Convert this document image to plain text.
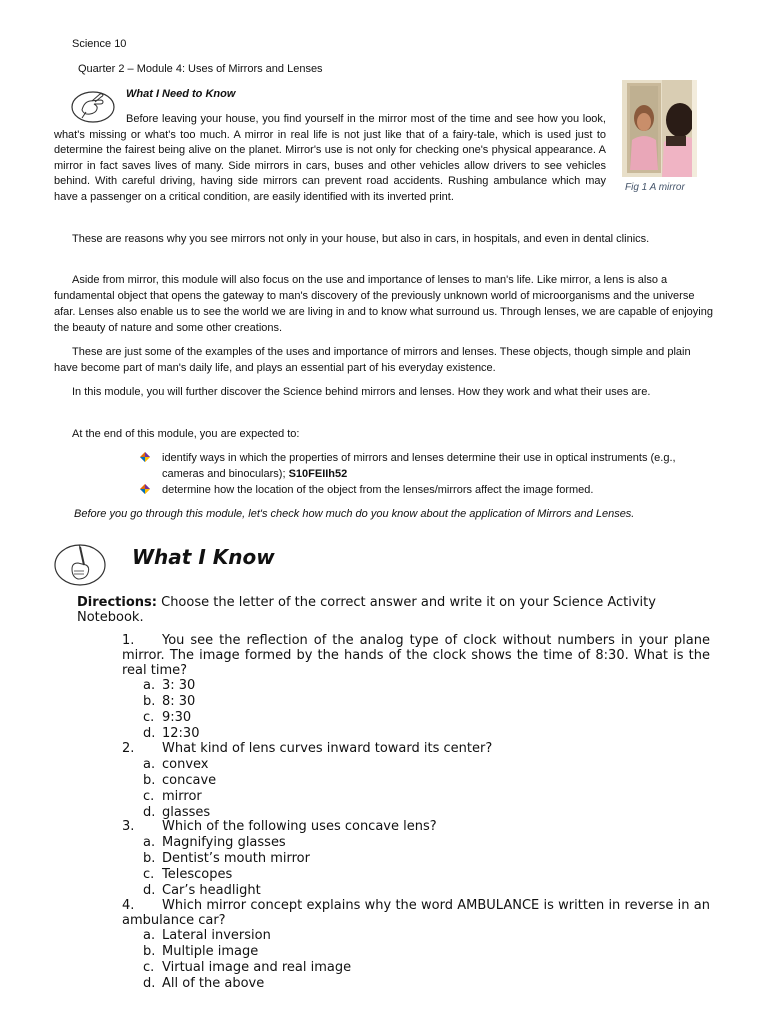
Science 10
Quarter 2 – Module 4: Uses of Mirrors and Lenses
What I Need to Know

Before leaving your house, you find yourself in the mirror most of the time and see how you look, what's missing or what's too much. A mirror in real life is not just like that of a fairy-tale, which is used just to determine the fairest being alive on the planet. Mirror's use is not only for checking one's physical appearance. A mirror in fact saves lives of many. Side mirrors in cars, buses and other vehicles allow drivers to see vehicles behind. With careful driving, having side mirrors can prevent road accidents. Rushing ambulance which may have a passenger on a critical condition, are easily identified with its inverted print.

Fig 1 A mirror

These are reasons why you see mirrors not only in your house, but also in cars, in hospitals, and even in dental clinics.

Aside from mirror, this module will also focus on the use and importance of lenses to man's life. Like mirror, a lens is also a fundamental object that opens the gateway to man's discovery of the previously unknown world of microorganisms and the universe afar. Lenses also enable us to see the world we are living in and to know what surround us. Through lenses, we are capable of enjoying the beauty of nature and some other creations.

These are just some of the examples of the uses and importance of mirrors and lenses. These objects, though simple and plain have become part of man's daily life, and plays an essential part of his everyday existence.

In this module, you will further discover the Science behind mirrors and lenses. How they work and what their uses are.

At the end of this module, you are expected to:

identify ways in which the properties of mirrors and lenses determine their use in optical instruments (e.g., cameras and binoculars); S10FEIIh52

determine how the location of the object from the lenses/mirrors affect the image formed.

Before you go through this module, let's check how much do you know about the application of Mirrors and Lenses.

What I Know

Directions: Choose the letter of the correct answer and write it on your Science Activity Notebook.

1. You see the reflection of the analog type of clock without numbers in your plane mirror. The image formed by the hands of the clock shows the time of 8:30. What is the real time?

a. 3: 30
b. 8: 30
c. 9:30
d. 12:30

2. What kind of lens curves inward toward its center?

a. convex
b. concave
c. mirror
d. glasses

3. Which of the following uses concave lens?

a. Magnifying glasses
b. Dentist’s mouth mirror
c. Telescopes
d. Car’s headlight

4. Which mirror concept explains why the word AMBULANCE is written in reverse in an ambulance car?

a. Lateral inversion
b. Multiple image
c. Virtual image and real image
d. All of the above
